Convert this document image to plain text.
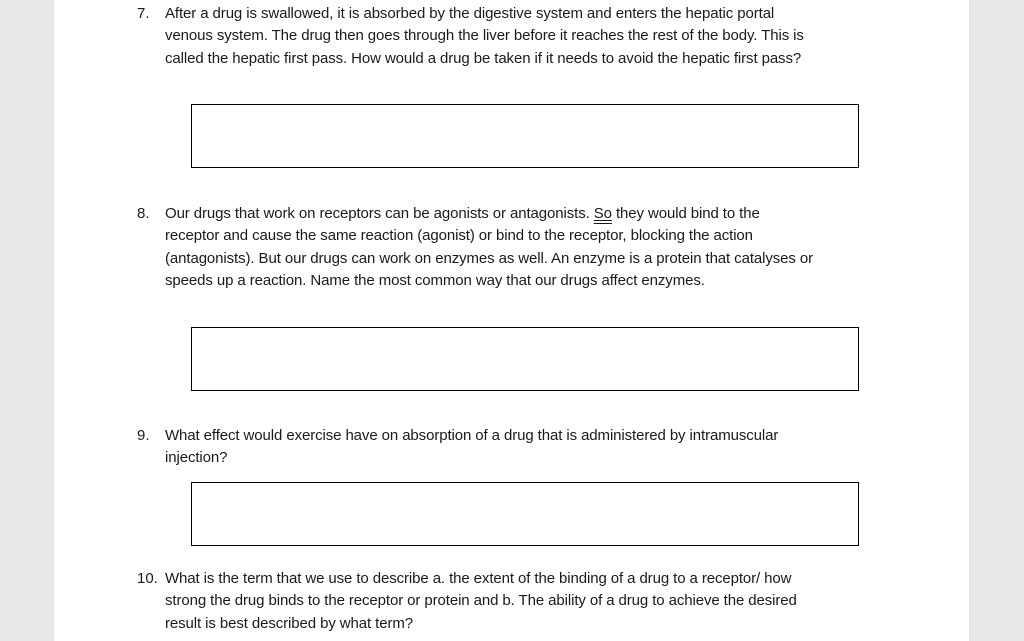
7. After a drug is swallowed, it is absorbed by the digestive system and enters the hepatic portal venous system. The drug then goes through the liver before it reaches the rest of the body. This is called the hepatic first pass. How would a drug be taken if it needs to avoid the hepatic first pass?
8. Our drugs that work on receptors can be agonists or antagonists. So they would bind to the receptor and cause the same reaction (agonist) or bind to the receptor, blocking the action (antagonists). But our drugs can work on enzymes as well. An enzyme is a protein that catalyses or speeds up a reaction. Name the most common way that our drugs affect enzymes.
9. What effect would exercise have on absorption of a drug that is administered by intramuscular injection?
10. What is the term that we use to describe a. the extent of the binding of a drug to a receptor/ how strong the drug binds to the receptor or protein and b. The ability of a drug to achieve the desired result is best described by what term?
